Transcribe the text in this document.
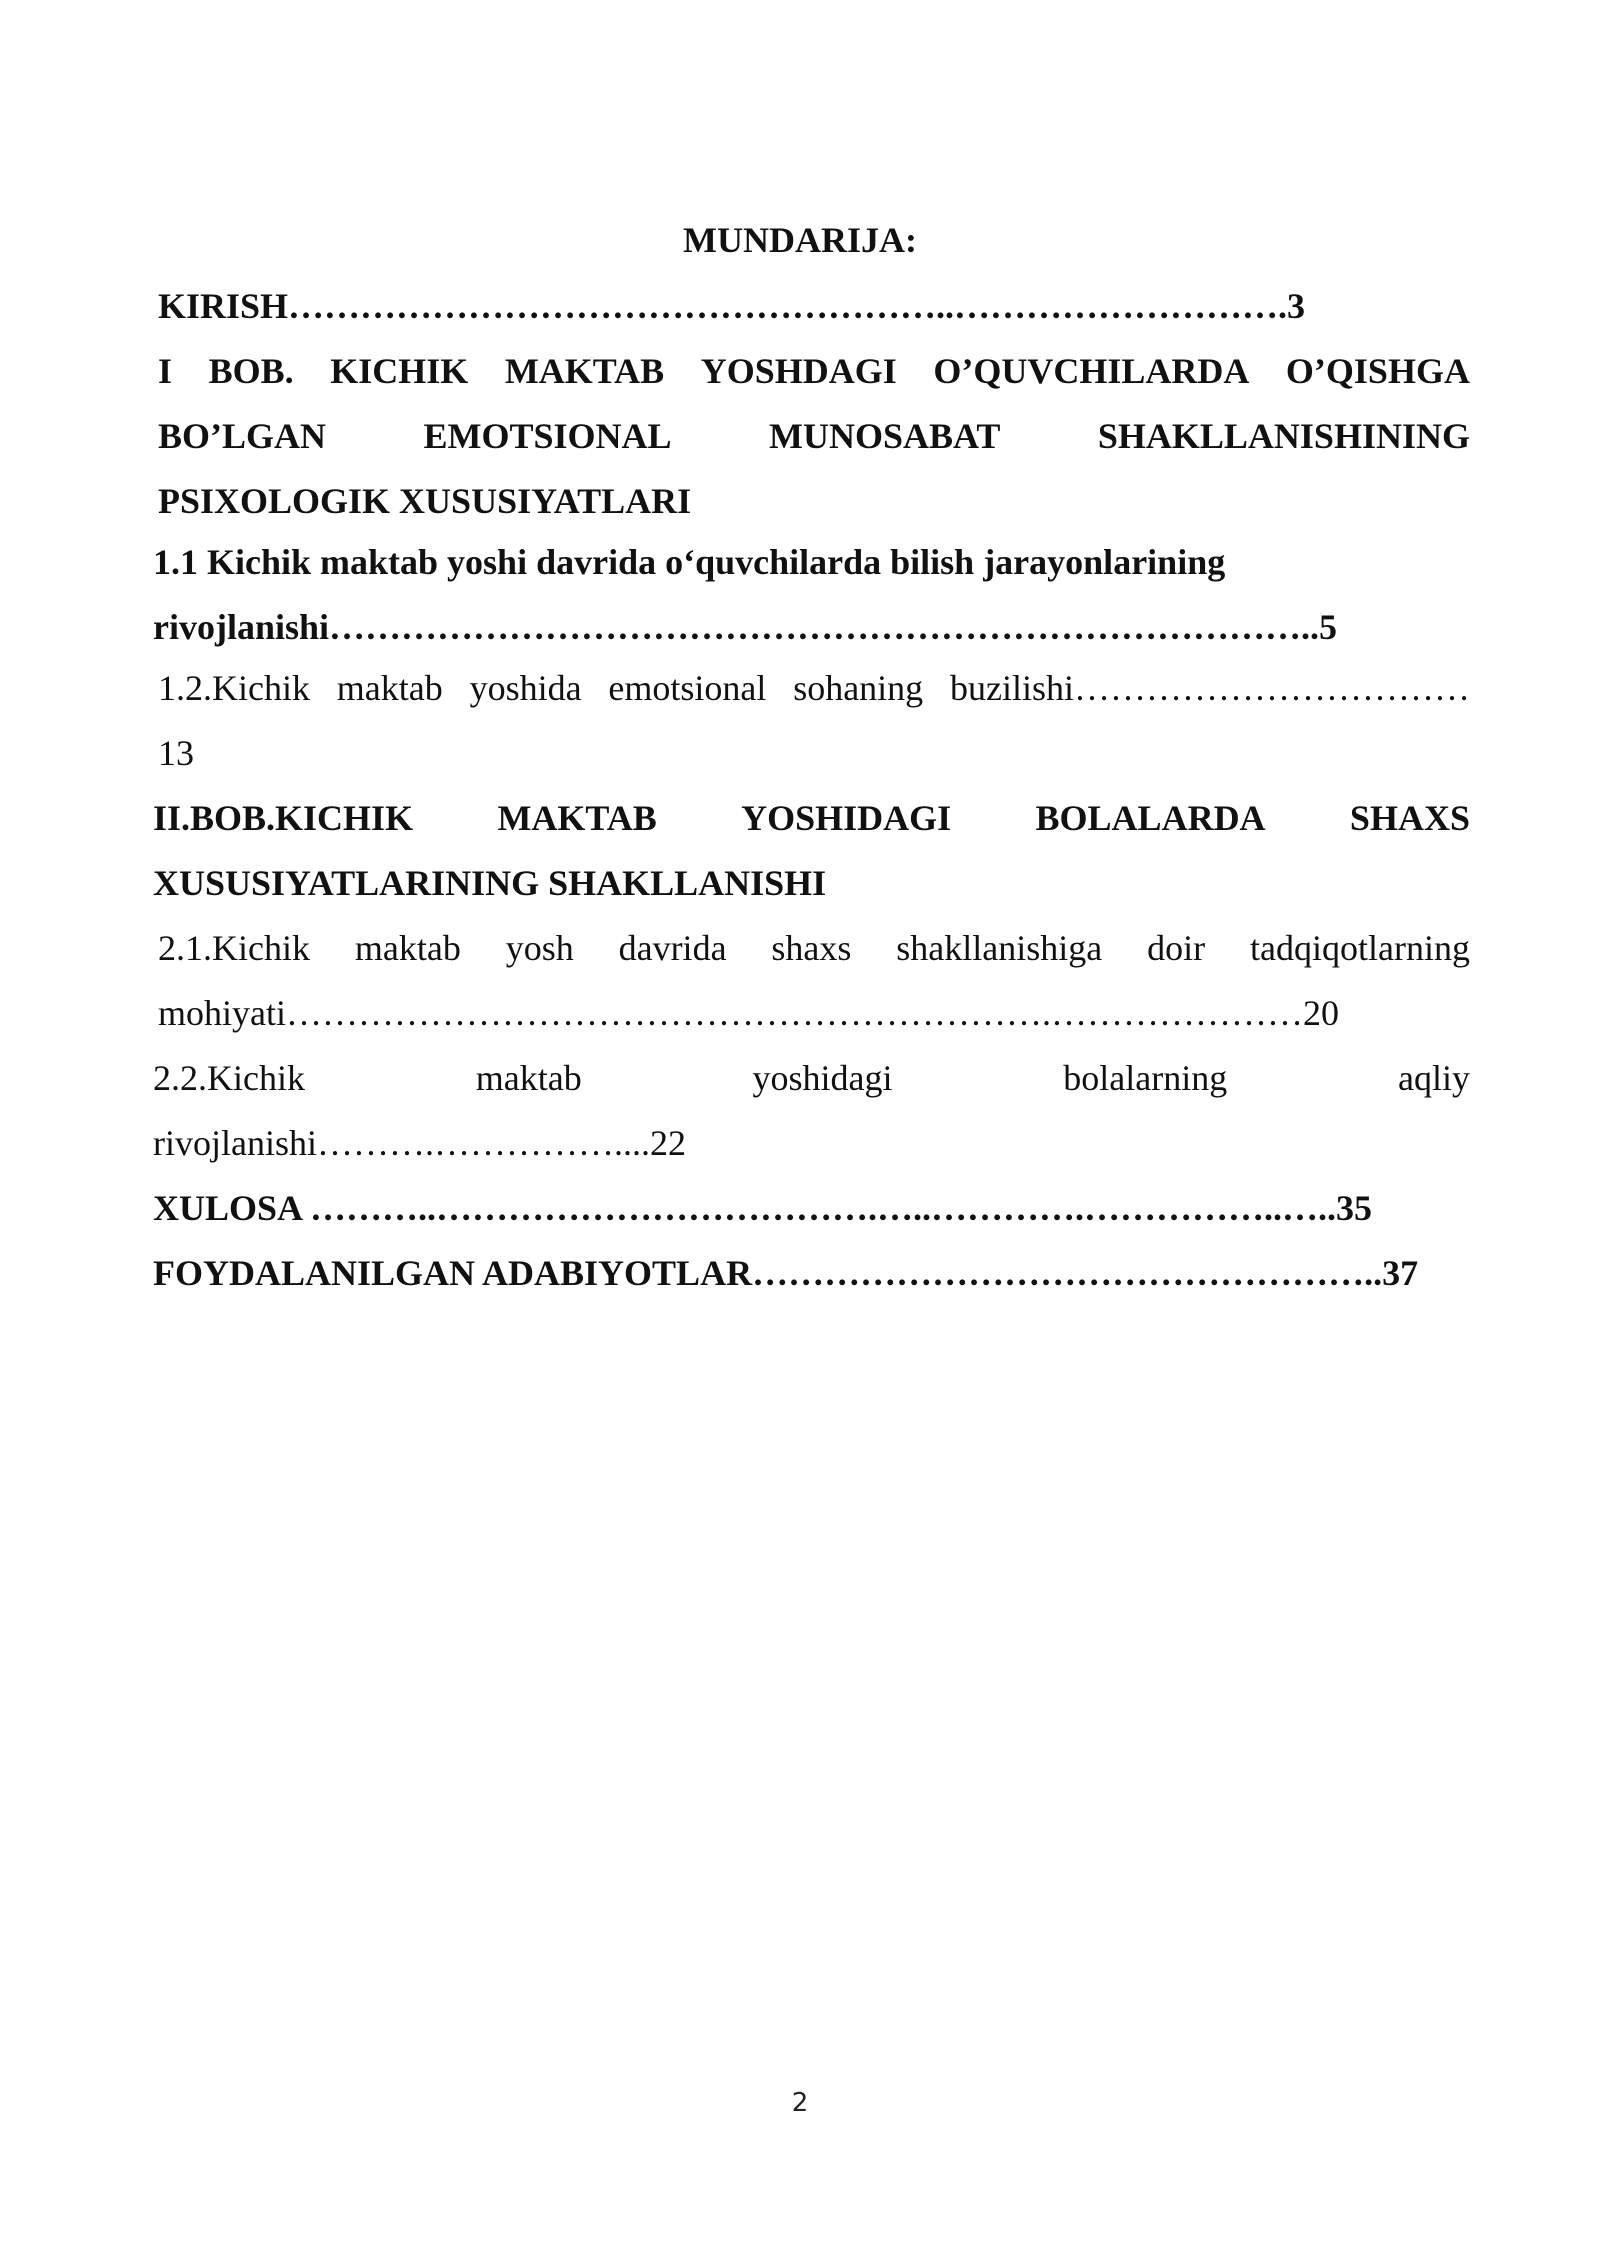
MUNDARIJA:
KIRISH………………………………………………..……………………….3
I BOB. KICHIK MAKTAB YOSHDAGI O’QUVCHILARDA O’QISHGA
BO’LGAN	EMOTSIONAL	MUNOSABAT	SHAKLLANISHINING
PSIXOLOGIK XUSUSIYATLARI
1.1 Kichik maktab yoshi davrida o‘quvchilarda bilish jarayonlarining
rivojlanishi………………………………………………………………………..5
1.2.Kichik maktab yoshida emotsional sohaning buzilishi……………………………
13
II.BOB.KICHIK MAKTAB YOSHIDAGI BOLALARDA SHAXS
XUSUSIYATLARINING SHAKLLANISHI
2.1.Kichik maktab yosh davrida shaxs shakllanishiga doir tadqiqotlarning
mohiyati……………………………………………………….…………………20
2.2.Kichik	maktab	yoshidagi	bolalarning	aqliy
rivojlanishi……….……………....22
XULOSA ………..……………………………….…..………….……………..…..35
FOYDALANILGAN ADABIYOTLAR……………………………………………..37
2
